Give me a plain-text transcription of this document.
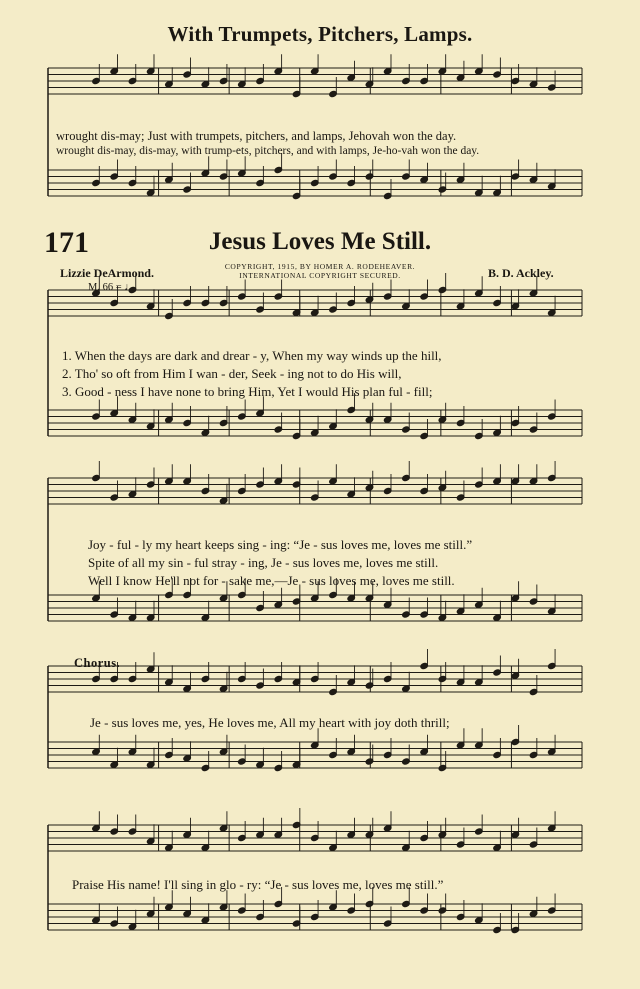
With Trumpets, Pitchers, Lamps.
wrought dis-may; Just with trumpets, pitchers, and lamps, Jehovah won the day.
wrought dis-may, dis-may, with trump-ets, pitchers, and with lamps, Je-ho-vah won the day.
171	Jesus Loves Me Still.
COPYRIGHT, 1915, BY HOMER A. RODEHEAVER.
INTERNATIONAL COPYRIGHT SECURED.
Lizzie DeArmond.	B. D. Ackley.
M. 66 = ♩
1. When the days are dark and drear - y, When my way winds up the hill,
2. Tho' so oft from Him I wan - der, Seek - ing not to do His will,
3. Good - ness I have none to bring Him, Yet I would His plan ful - fill;
Joy - ful - ly my heart keeps sing - ing: “Je - sus loves me, loves me still.”
Spite of all my sin - ful stray - ing, Je - sus loves me, loves me still.
Well I know He'll not for - sake me,—Je - sus loves me, loves me still.
Chorus.
Je - sus loves me, yes, He loves me, All my heart with joy doth thrill;
Praise His name! I'll sing in glo - ry: “Je - sus loves me, loves me still.”
